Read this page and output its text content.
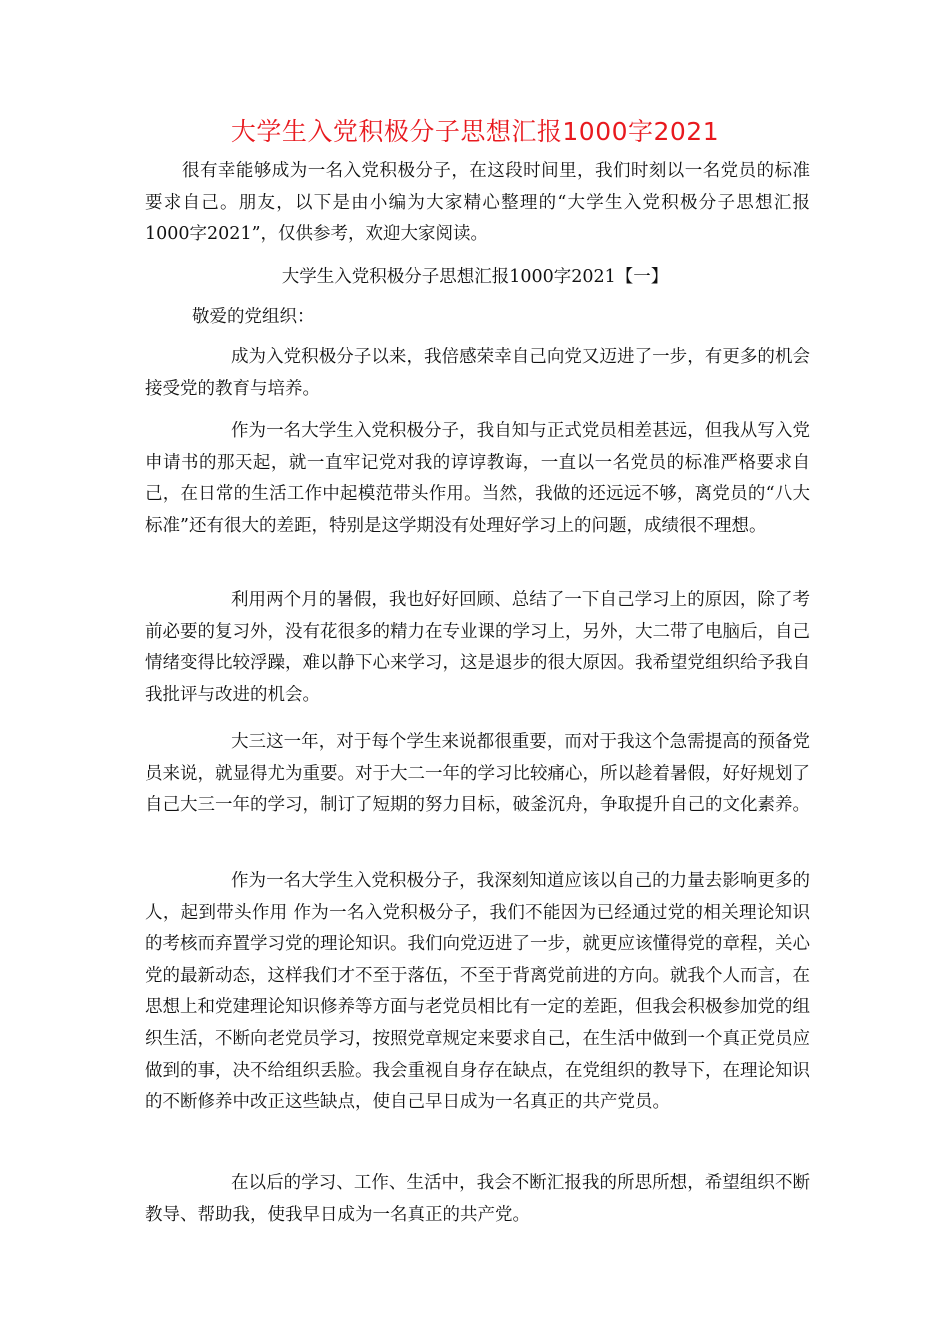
大学生入党积极分子思想汇报1000字2021

很有幸能够成为一名入党积极分子，在这段时间里，我们时刻以一名党员的标准要求自己。朋友，以下是由小编为大家精心整理的“大学生入党积极分子思想汇报1000字2021”，仅供参考，欢迎大家阅读。

大学生入党积极分子思想汇报1000字2021【一】
敬爱的党组织：

成为入党积极分子以来，我倍感荣幸自己向党又迈进了一步，有更多的机会接受党的教育与培养。

作为一名大学生入党积极分子，我自知与正式党员相差甚远，但我从写入党申请书的那天起，就一直牢记党对我的谆谆教诲，一直以一名党员的标准严格要求自己，在日常的生活工作中起模范带头作用。当然，我做的还远远不够，离党员的“八大标准”还有很大的差距，特别是这学期没有处理好学习上的问题，成绩很不理想。

利用两个月的暑假，我也好好回顾、总结了一下自己学习上的原因，除了考前必要的复习外，没有花很多的精力在专业课的学习上，另外，大二带了电脑后，自己情绪变得比较浮躁，难以静下心来学习，这是退步的很大原因。我希望党组织给予我自我批评与改进的机会。

大三这一年，对于每个学生来说都很重要，而对于我这个急需提高的预备党员来说，就显得尤为重要。对于大二一年的学习比较痛心，所以趁着暑假，好好规划了自己大三一年的学习，制订了短期的努力目标，破釜沉舟，争取提升自己的文化素养。

作为一名大学生入党积极分子，我深刻知道应该以自己的力量去影响更多的人，起到带头作用 作为一名入党积极分子，我们不能因为已经通过党的相关理论知识的考核而弃置学习党的理论知识。我们向党迈进了一步，就更应该懂得党的章程，关心党的最新动态，这样我们才不至于落伍，不至于背离党前进的方向。就我个人而言，在思想上和党建理论知识修养等方面与老党员相比有一定的差距，但我会积极参加党的组织生活，不断向老党员学习，按照党章规定来要求自己，在生活中做到一个真正党员应做到的事，决不给组织丢脸。我会重视自身存在缺点，在党组织的教导下，在理论知识的不断修养中改正这些缺点，使自己早日成为一名真正的共产党员。

在以后的学习、工作、生活中，我会不断汇报我的所思所想，希望组织不断教导、帮助我，使我早日成为一名真正的共产党。
